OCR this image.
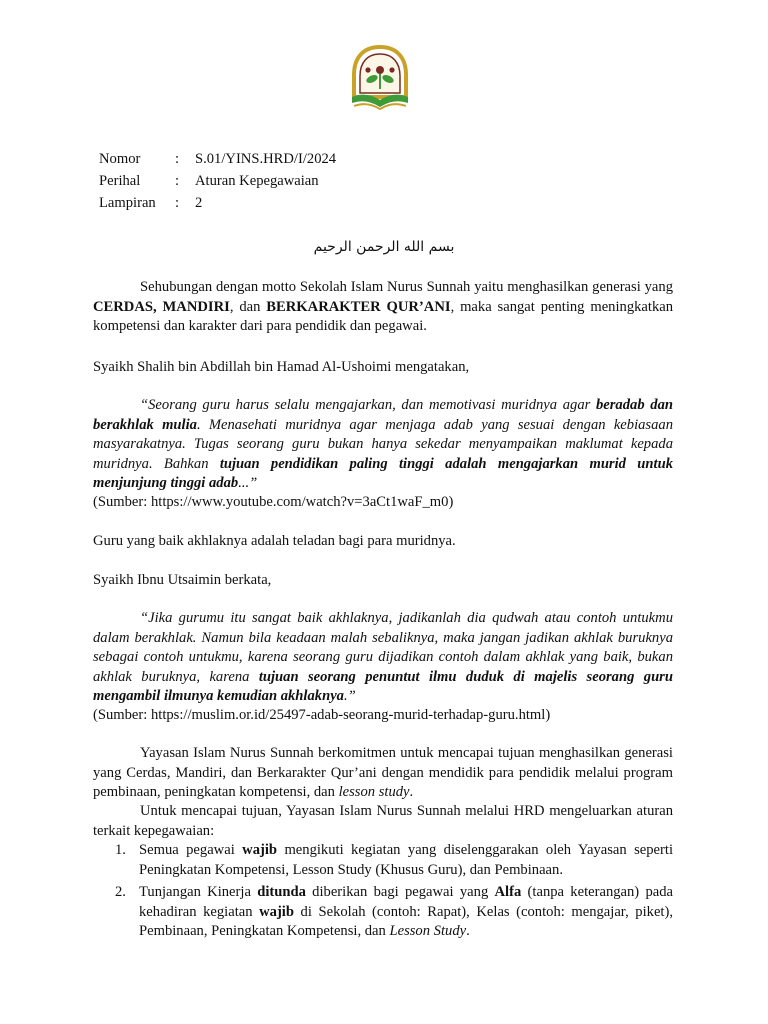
Nomor	:	S.01/YINS.HRD/I/2024
Perihal	:	Aturan Kepegawaian
Lampiran	:	2
بسم الله الرحمن الرحيم

Sehubungan dengan motto Sekolah Islam Nurus Sunnah yaitu menghasilkan generasi yang CERDAS, MANDIRI, dan BERKARAKTER QUR’ANI, maka sangat penting meningkatkan kompetensi dan karakter dari para pendidik dan pegawai.

Syaikh Shalih bin Abdillah bin Hamad Al-Ushoimi mengatakan,

“Seorang guru harus selalu mengajarkan, dan memotivasi muridnya agar beradab dan berakhlak mulia. Menasehati muridnya agar menjaga adab yang sesuai dengan kebiasaan masyarakatnya. Tugas seorang guru bukan hanya sekedar menyampaikan maklumat kepada muridnya. Bahkan tujuan pendidikan paling tinggi adalah mengajarkan murid untuk menjunjung tinggi adab...”

(Sumber: https://www.youtube.com/watch?v=3aCt1waF_m0)

Guru yang baik akhlaknya adalah teladan bagi para muridnya.

Syaikh Ibnu Utsaimin berkata,

“Jika gurumu itu sangat baik akhlaknya, jadikanlah dia qudwah atau contoh untukmu dalam berakhlak. Namun bila keadaan malah sebaliknya, maka jangan jadikan akhlak buruknya sebagai contoh untukmu, karena seorang guru dijadikan contoh dalam akhlak yang baik, bukan akhlak buruknya, karena tujuan seorang penuntut ilmu duduk di majelis seorang guru mengambil ilmunya kemudian akhlaknya.”

(Sumber: https://muslim.or.id/25497-adab-seorang-murid-terhadap-guru.html)

Yayasan Islam Nurus Sunnah berkomitmen untuk mencapai tujuan menghasilkan generasi yang Cerdas, Mandiri, dan Berkarakter Qur’ani dengan mendidik para pendidik melalui program pembinaan, peningkatan kompetensi, dan lesson study.

Untuk mencapai tujuan, Yayasan Islam Nurus Sunnah melalui HRD mengeluarkan aturan terkait kepegawaian:

1. Semua pegawai wajib mengikuti kegiatan yang diselenggarakan oleh Yayasan seperti Peningkatan Kompetensi, Lesson Study (Khusus Guru), dan Pembinaan.
2. Tunjangan Kinerja ditunda diberikan bagi pegawai yang Alfa (tanpa keterangan) pada kehadiran kegiatan wajib di Sekolah (contoh: Rapat), Kelas (contoh: mengajar, piket), Pembinaan, Peningkatan Kompetensi, dan Lesson Study.
